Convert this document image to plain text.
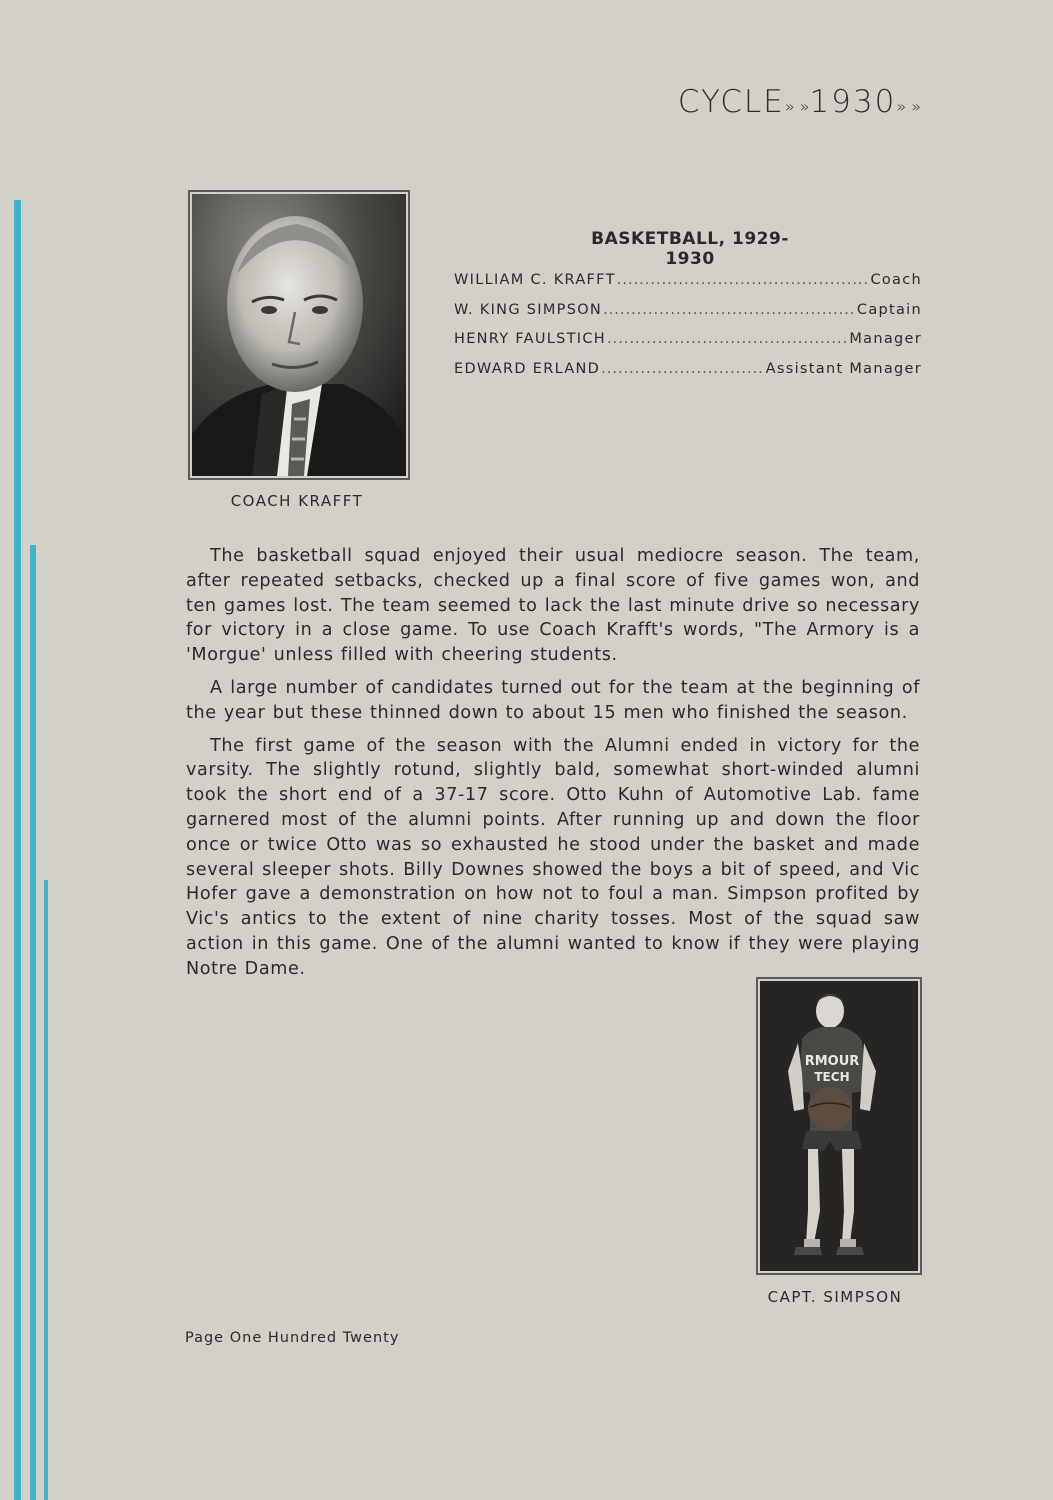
CYCLE» »1930» »
COACH KRAFFT
BASKETBALL, 1929-1930
WILLIAM C. KRAFFT .....	Coach
W. KING SIMPSON .....	Captain
HENRY FAULSTICH .....	Manager
EDWARD ERLAND .....	Assistant Manager

The basketball squad enjoyed their usual mediocre season. The team, after repeated setbacks, checked up a final score of five games won, and ten games lost. The team seemed to lack the last minute drive so necessary for victory in a close game. To use Coach Krafft's words, "The Armory is a 'Morgue' unless filled with cheering students.

A large number of candidates turned out for the team at the beginning of the year but these thinned down to about 15 men who finished the season.

The first game of the season with the Alumni ended in victory for the varsity. The slightly rotund, slightly bald, somewhat short-winded alumni took the short end of a 37-17 score. Otto Kuhn of Automotive Lab. fame garnered most of the alumni points. After running up and down the floor once or twice Otto was so exhausted he stood under the basket and made several sleeper shots. Billy Downes showed the boys a bit of speed, and Vic Hofer gave a demonstration on how not to foul a man. Simpson profited by Vic's antics to the extent of nine charity tosses. Most of the squad saw action in this game. One of the alumni wanted to know if they were playing Notre Dame.

RMOUR
TECH
CAPT. SIMPSON
Page One Hundred Twenty
